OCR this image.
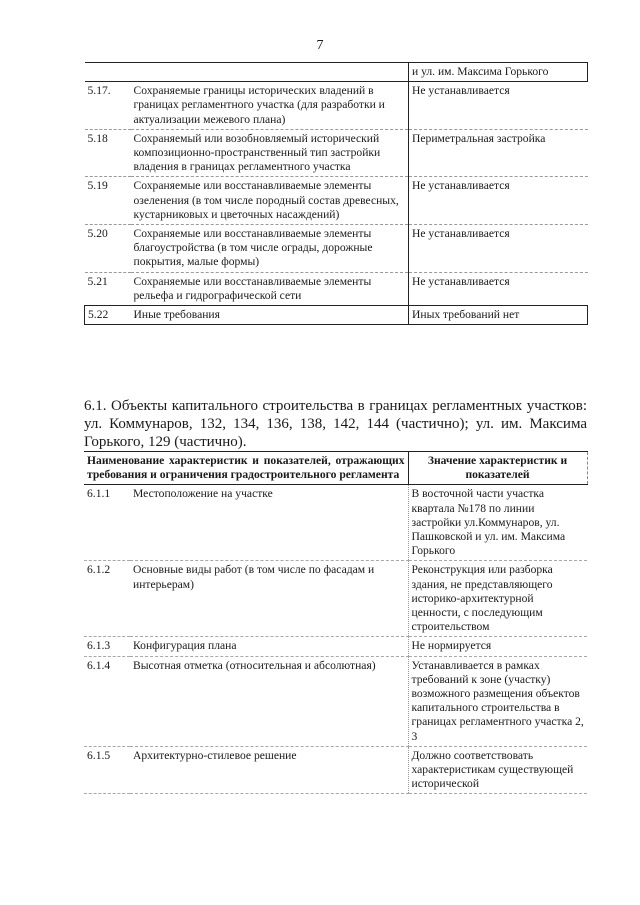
7
		и ул. им. Максима Горького
5.17.	Сохраняемые границы исторических владений в границах регламентного участка (для разработки и актуализации межевого плана)	Не устанавливается
5.18	Сохраняемый или возобновляемый исторический композиционно-пространственный тип застройки владения в границах регламентного участка	Периметральная застройка
5.19	Сохраняемые или восстанавливаемые элементы озеленения (в том числе породный состав древесных, кустарниковых и цветочных насаждений)	Не устанавливается
5.20	Сохраняемые или восстанавливаемые элементы благоустройства (в том числе ограды, дорожные покрытия, малые формы)	Не устанавливается
5.21	Сохраняемые или восстанавливаемые элементы рельефа и гидрографической сети	Не устанавливается
5.22	Иные требования	Иных требований нет
6.1. Объекты капитального строительства в границах регламентных участков: ул. Коммунаров, 132, 134, 136, 138, 142, 144 (частично); ул. им. Максима Горького, 129 (частично).
Наименование характеристик и показателей, отражающих требования и ограничения градостроительного регламента		Значение характеристик и показателей
6.1.1	Местоположение на участке	В восточной части участка квартала №178 по линии застройки ул.Коммунаров, ул. Пашковской и ул. им. Максима Горького
6.1.2	Основные виды работ (в том числе по фасадам и интерьерам)	Реконструкция или разборка здания, не представляющего историко-архитектурной ценности, с последующим строительством
6.1.3	Конфигурация плана	Не нормируется
6.1.4	Высотная отметка (относительная и абсолютная)	Устанавливается в рамках требований к зоне (участку) возможного размещения объектов капитального строительства в границах регламентного участка 2, 3
6.1.5	Архитектурно-стилевое решение	Должно соответствовать характеристикам существующей исторической
